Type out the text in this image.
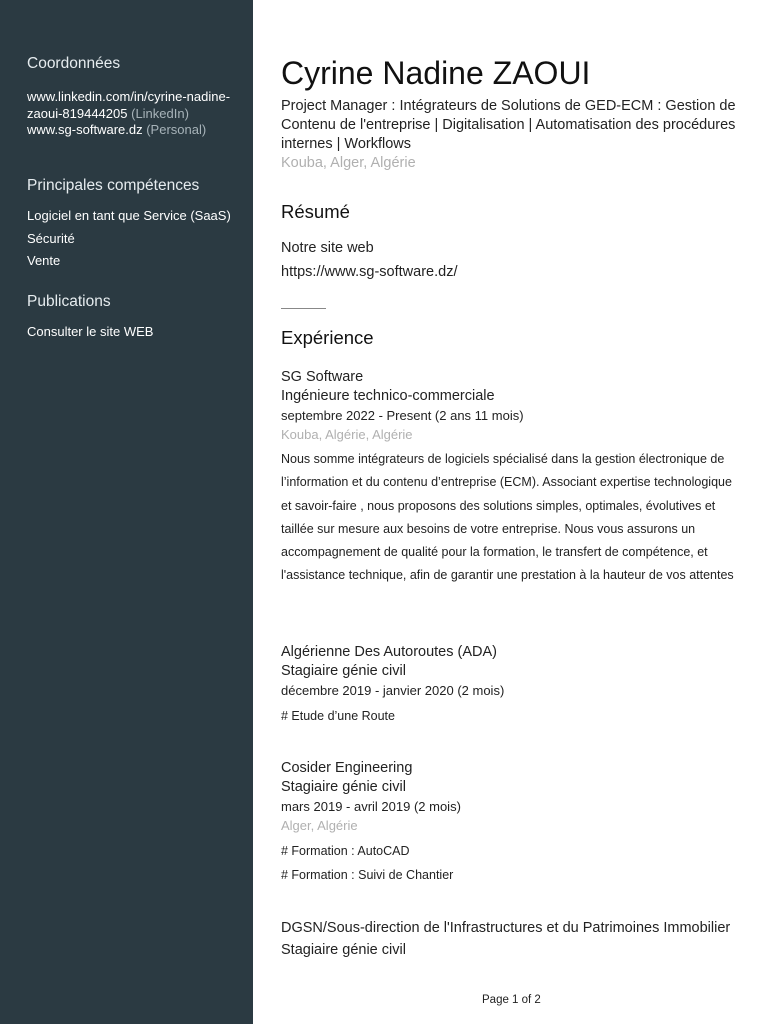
Coordonnées
www.linkedin.com/in/cyrine-nadine-zaoui-819444205 (LinkedIn)
www.sg-software.dz (Personal)
Principales compétences
Logiciel en tant que Service (SaaS)
Sécurité
Vente
Publications
Consulter le site WEB
Cyrine Nadine ZAOUI
Project Manager : Intégrateurs de Solutions de GED-ECM : Gestion de Contenu de l'entreprise | Digitalisation | Automatisation des procédures internes | Workflows
Kouba, Alger, Algérie
Résumé
Notre site web
https://www.sg-software.dz/
Expérience
SG Software
Ingénieure technico-commerciale
septembre 2022 - Present (2 ans 11 mois)
Kouba, Algérie, Algérie
Nous somme intégrateurs de logiciels spécialisé dans la gestion électronique de l’information et du contenu d’entreprise (ECM). Associant expertise technologique et savoir-faire , nous proposons des solutions simples, optimales, évolutives et taillée sur mesure aux besoins de votre entreprise. Nous vous assurons un accompagnement de qualité pour la formation, le transfert de compétence, et l'assistance technique, afin de garantir une prestation à la hauteur de vos attentes
Algérienne Des Autoroutes (ADA)
Stagiaire génie civil
décembre 2019 - janvier 2020 (2 mois)
# Etude d’une Route
Cosider Engineering
Stagiaire génie civil
mars 2019 - avril 2019 (2 mois)
Alger, Algérie
# Formation : AutoCAD
# Formation : Suivi de Chantier
DGSN/Sous-direction de l'Infrastructures et du Patrimoines Immobilier
Stagiaire génie civil
Page 1 of 2
